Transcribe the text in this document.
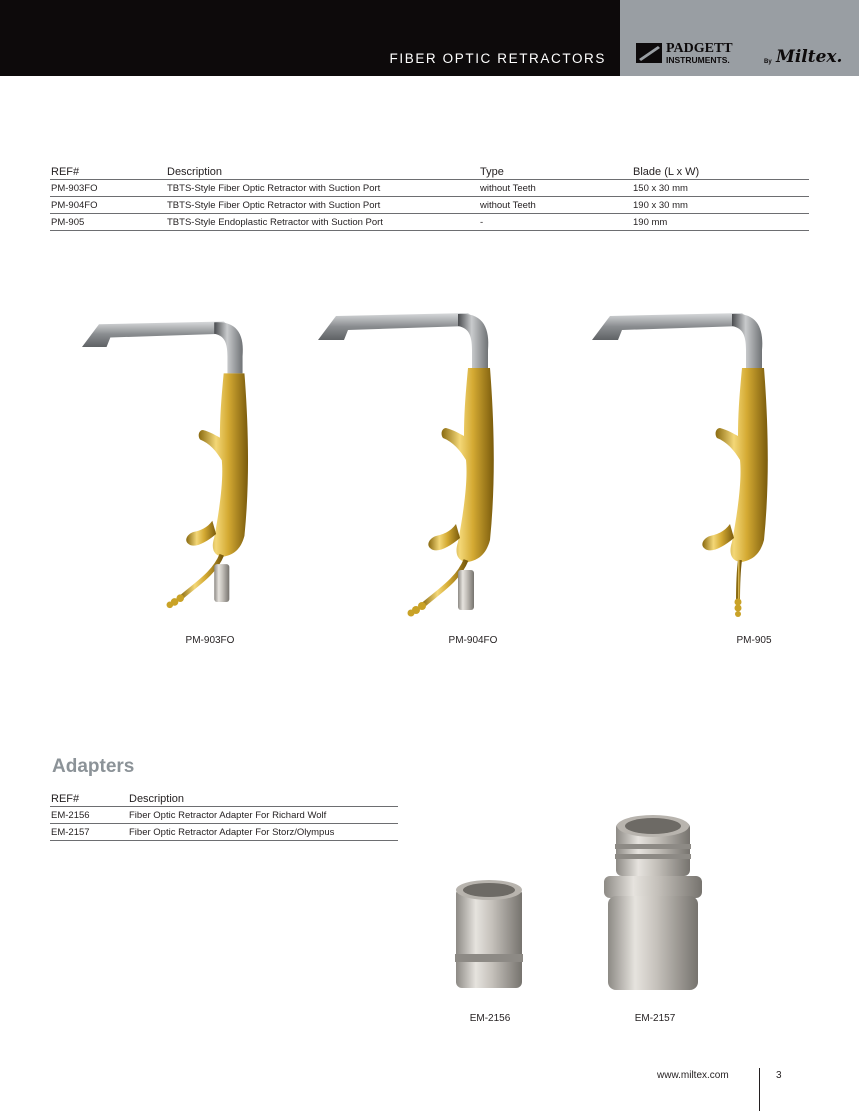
FIBER OPTIC RETRACTORS
PADGETT
INSTRUMENTS.	By Miltex.
REF#	Description	Type	Blade (L x W)
PM-903FO	TBTS-Style Fiber Optic Retractor with Suction Port	without Teeth	150 x 30 mm
PM-904FO	TBTS-Style Fiber Optic Retractor with Suction Port	without Teeth	190 x 30 mm
PM-905	TBTS-Style Endoplastic Retractor with Suction Port	-	190 mm
PM-903FO	PM-904FO	PM-905
Adapters
REF#	Description
EM-2156	Fiber Optic Retractor Adapter For Richard Wolf
EM-2157	Fiber Optic Retractor Adapter For Storz/Olympus
EM-2156	EM-2157
www.miltex.com	3
